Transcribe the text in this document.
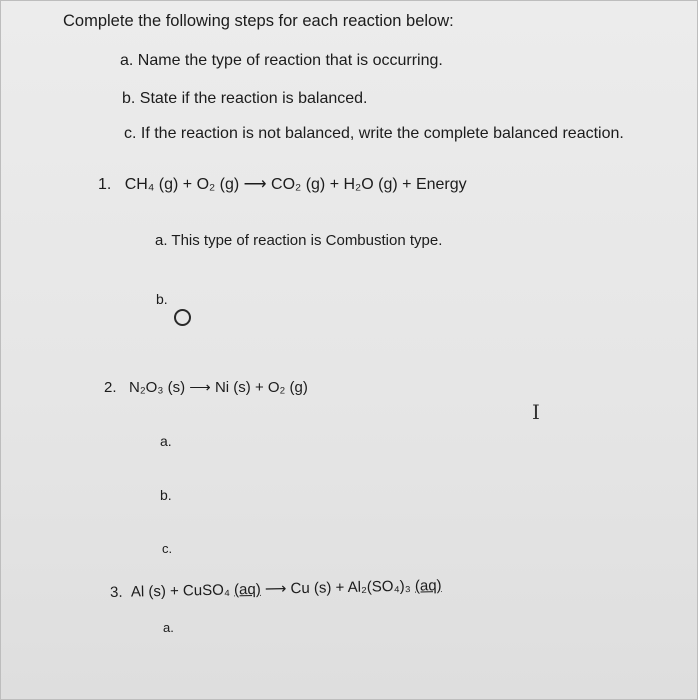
Complete the following steps for each reaction below:
a. Name the type of reaction that is occurring.
b. State if the reaction is balanced.
c. If the reaction is not balanced, write the complete balanced reaction.
1. CH₄ (g) + O₂ (g) ⟶ CO₂ (g) + H₂O (g) + Energy
a. This type of reaction is Combustion type.
b.
2. N₂O₃ (s) ⟶ Ni (s) + O₂ (g)
I
a.
b.
c.
3. Al (s) + CuSO₄ (aq) ⟶ Cu (s) + Al₂(SO₄)₃ (aq)
a.
